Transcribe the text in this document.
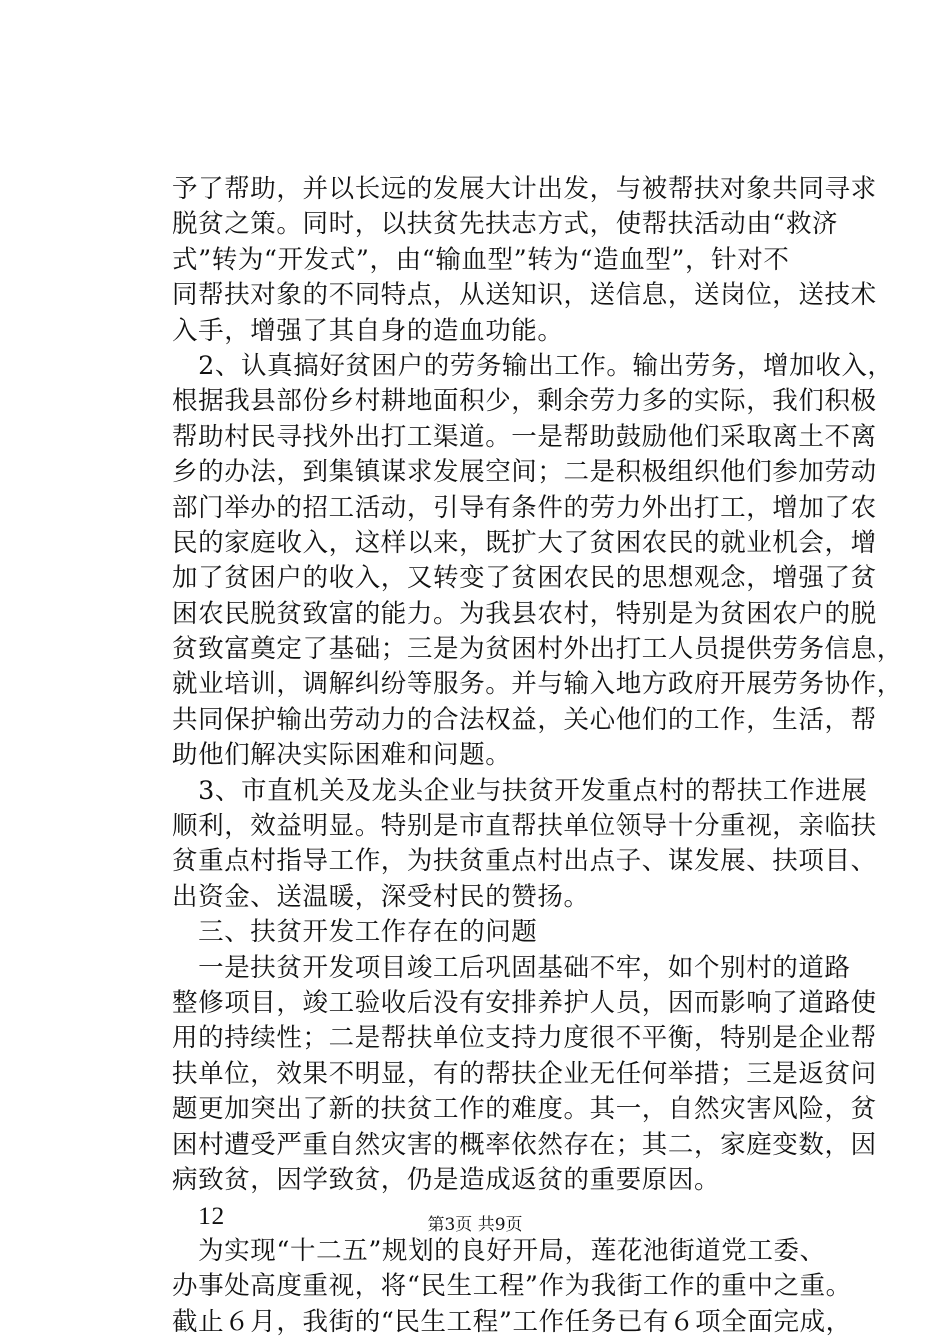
予了帮助，并以长远的发展大计出发，与被帮扶对象共同寻求
脱贫之策。同时，以扶贫先扶志方式，使帮扶活动由“救济
式”转为“开发式”，由“输血型”转为“造血型”，针对不
同帮扶对象的不同特点，从送知识，送信息，送岗位，送技术
入手，增强了其自身的造血功能。
　2、认真搞好贫困户的劳务输出工作。输出劳务，增加收入，
根据我县部份乡村耕地面积少，剩余劳力多的实际，我们积极
帮助村民寻找外出打工渠道。一是帮助鼓励他们采取离土不离
乡的办法，到集镇谋求发展空间；二是积极组织他们参加劳动
部门举办的招工活动，引导有条件的劳力外出打工，增加了农
民的家庭收入，这样以来，既扩大了贫困农民的就业机会，增
加了贫困户的收入，又转变了贫困农民的思想观念，增强了贫
困农民脱贫致富的能力。为我县农村，特别是为贫困农户的脱
贫致富奠定了基础；三是为贫困村外出打工人员提供劳务信息，
就业培训，调解纠纷等服务。并与输入地方政府开展劳务协作，
共同保护输出劳动力的合法权益，关心他们的工作，生活，帮
助他们解决实际困难和问题。
　3、市直机关及龙头企业与扶贫开发重点村的帮扶工作进展
顺利，效益明显。特别是市直帮扶单位领导十分重视，亲临扶
贫重点村指导工作，为扶贫重点村出点子、谋发展、扶项目、
出资金、送温暖，深受村民的赞扬。
　三、扶贫开发工作存在的问题
　一是扶贫开发项目竣工后巩固基础不牢，如个别村的道路
整修项目，竣工验收后没有安排养护人员，因而影响了道路使
用的持续性；二是帮扶单位支持力度很不平衡，特别是企业帮
扶单位，效果不明显，有的帮扶企业无任何举措；三是返贫问
题更加突出了新的扶贫工作的难度。其一，自然灾害风险，贫
困村遭受严重自然灾害的概率依然存在；其二，家庭变数，因
病致贫，因学致贫，仍是造成返贫的重要原因。
　12
　为实现“十二五”规划的良好开局，莲花池街道党工委、
办事处高度重视，将“民生工程”作为我街工作的重中之重。
截止６月，我街的“民生工程”工作任务已有６项全面完成，
第3页 共9页
